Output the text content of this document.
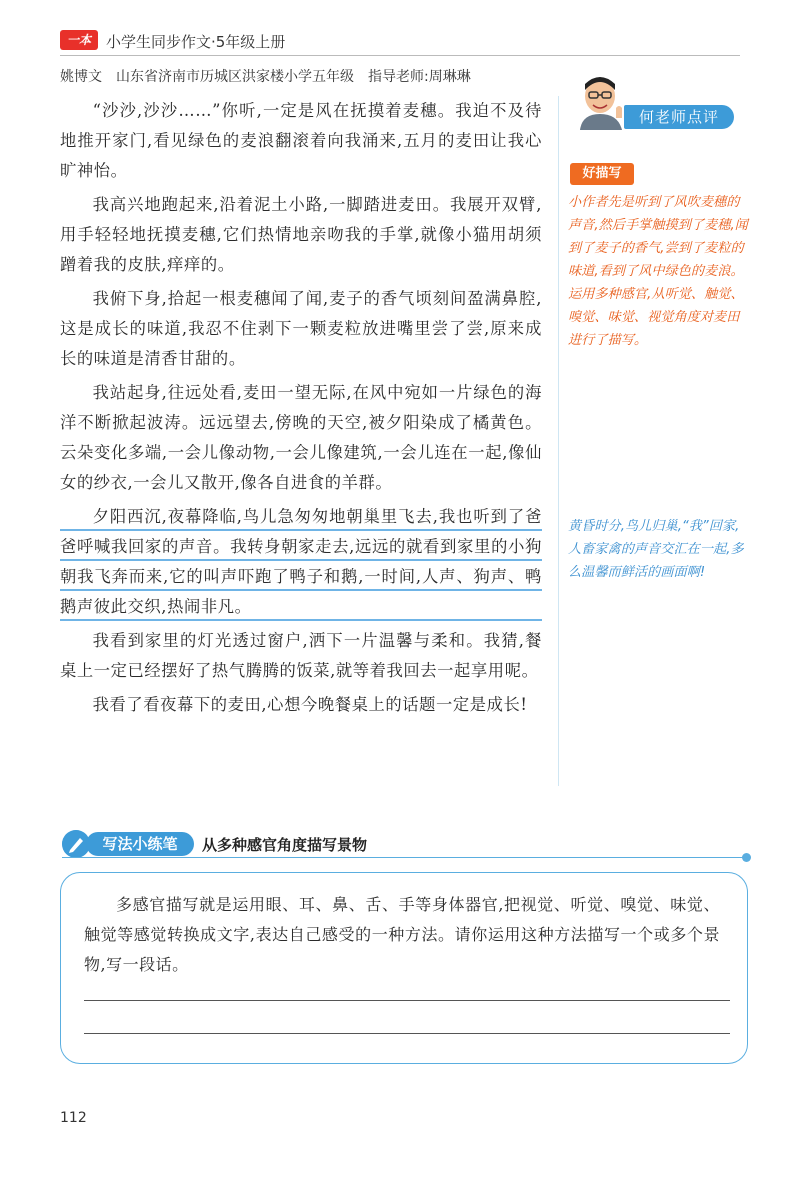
一本	小学生同步作文·5年级上册
姚博文 山东省济南市历城区洪家楼小学五年级 指导老师:周琳琳

“沙沙,沙沙……”你听,一定是风在抚摸着麦穗。我迫不及待地推开家门,看见绿色的麦浪翻滚着向我涌来,五月的麦田让我心旷神怡。

我高兴地跑起来,沿着泥土小路,一脚踏进麦田。我展开双臂,用手轻轻地抚摸麦穗,它们热情地亲吻我的手掌,就像小猫用胡须蹭着我的皮肤,痒痒的。

我俯下身,拾起一根麦穗闻了闻,麦子的香气顷刻间盈满鼻腔,这是成长的味道,我忍不住剥下一颗麦粒放进嘴里尝了尝,原来成长的味道是清香甘甜的。

我站起身,往远处看,麦田一望无际,在风中宛如一片绿色的海洋不断掀起波涛。远远望去,傍晚的天空,被夕阳染成了橘黄色。云朵变化多端,一会儿像动物,一会儿像建筑,一会儿连在一起,像仙女的纱衣,一会儿又散开,像各自进食的羊群。

夕阳西沉,夜幕降临,鸟儿急匆匆地朝巢里飞去,我也听到了爸爸呼喊我回家的声音。我转身朝家走去,远远的就看到家里的小狗朝我飞奔而来,它的叫声吓跑了鸭子和鹅,一时间,人声、狗声、鸭鹅声彼此交织,热闹非凡。

我看到家里的灯光透过窗户,洒下一片温馨与柔和。我猜,餐桌上一定已经摆好了热气腾腾的饭菜,就等着我回去一起享用呢。

我看了看夜幕下的麦田,心想今晚餐桌上的话题一定是成长!

何老师点评
好描写
小作者先是听到了风吹麦穗的声音,然后手掌触摸到了麦穗,闻到了麦子的香气,尝到了麦粒的味道,看到了风中绿色的麦浪。运用多种感官,从听觉、触觉、嗅觉、味觉、视觉角度对麦田进行了描写。
黄昏时分,鸟儿归巢,“我”回家,人畜家禽的声音交汇在一起,多么温馨而鲜活的画面啊!
写法小练笔	从多种感官角度描写景物
多感官描写就是运用眼、耳、鼻、舌、手等身体器官,把视觉、听觉、嗅觉、味觉、触觉等感觉转换成文字,表达自己感受的一种方法。请你运用这种方法描写一个或多个景物,写一段话。
112
